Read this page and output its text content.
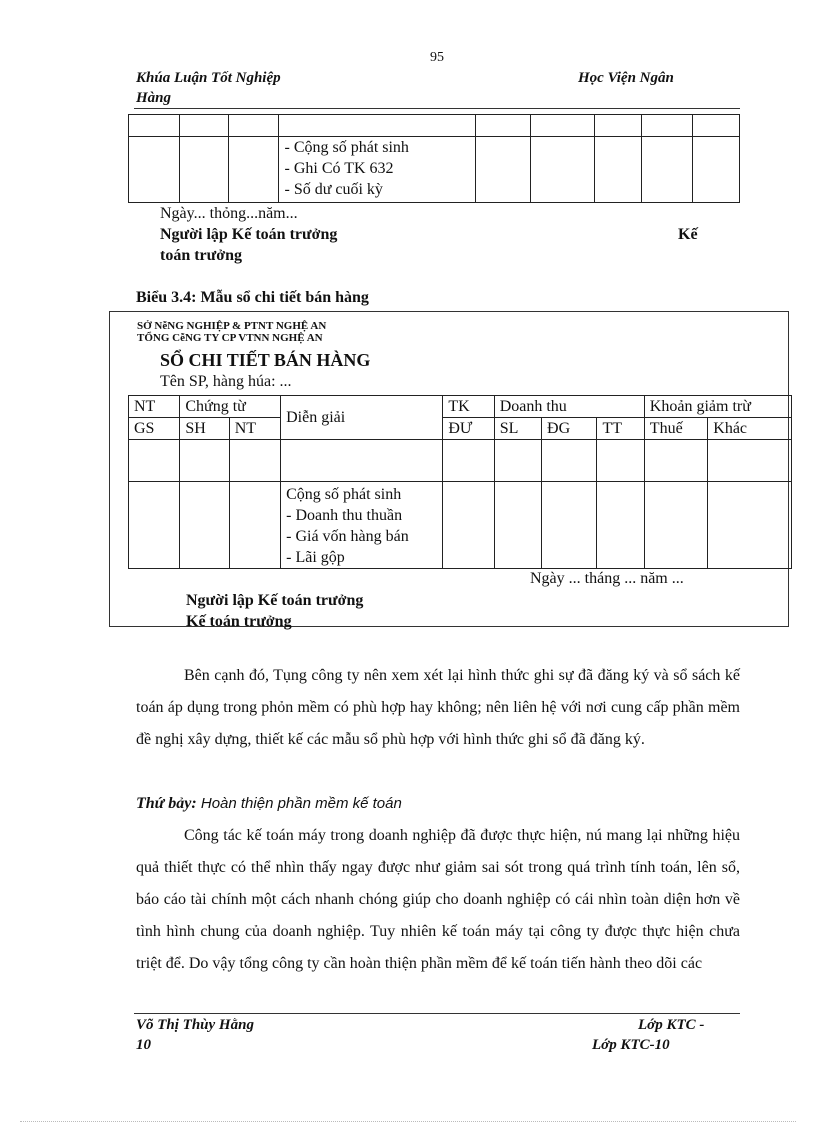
95
Khúa Luận Tốt Nghiệp
Hàng
Học Viện Ngân

			- Cộng số phát sinh
- Ghi Có TK 632
- Số dư cuối kỳ					

Ngày... thỏng...năm...
Người lập Kế toán trưởng	Kế
toán trưởng
Biểu 3.4: Mẫu sổ chi tiết bán hàng
SỞ NễNG NGHIỆP & PTNT NGHỆ AN
TỔNG CễNG TY CP VTNN NGHỆ AN
SỔ CHI TIẾT BÁN HÀNG
Tên SP, hàng húa: ...
NT	Chứng từ		Diễn giải	TK	Doanh thu			Khoản giảm trừ	
GS	SH	NT		ĐƯ	SL	ĐG	TT	Thuế	Khác

			Cộng số phát sinh
- Doanh thu thuần
- Giá vốn hàng bán
- Lãi gộp						

Ngày ... tháng ... năm ...
Người lập Kế toán trưởng
Kế toán trưởng
Bên cạnh đó, Tụng công ty nên xem xét lại hình thức ghi sự đã đăng ký và sổ sách kế toán áp dụng trong phỏn mềm có phù hợp hay không; nên liên hệ với nơi cung cấp phần mềm đề nghị xây dựng, thiết kế các mẫu sổ phù hợp với hình thức ghi sổ đã đăng ký.
Thứ bảy: Hoàn thiện phần mềm kế toán
Công tác kế toán máy trong doanh nghiệp đã được thực hiện, nú mang lại những hiệu quả thiết thực có thể nhìn thấy ngay được như giảm sai sót trong quá trình tính toán, lên sổ, báo cáo tài chính một cách nhanh chóng giúp cho doanh nghiệp có cái nhìn toàn diện hơn về tình hình chung của doanh nghiệp. Tuy nhiên kế toán máy tại công ty được thực hiện chưa triệt để. Do vậy tổng công ty cần hoàn thiện phần mềm để kế toán tiến hành theo dõi các
Võ Thị Thùy Hằng
10
Lớp KTC -
Lớp KTC-10
